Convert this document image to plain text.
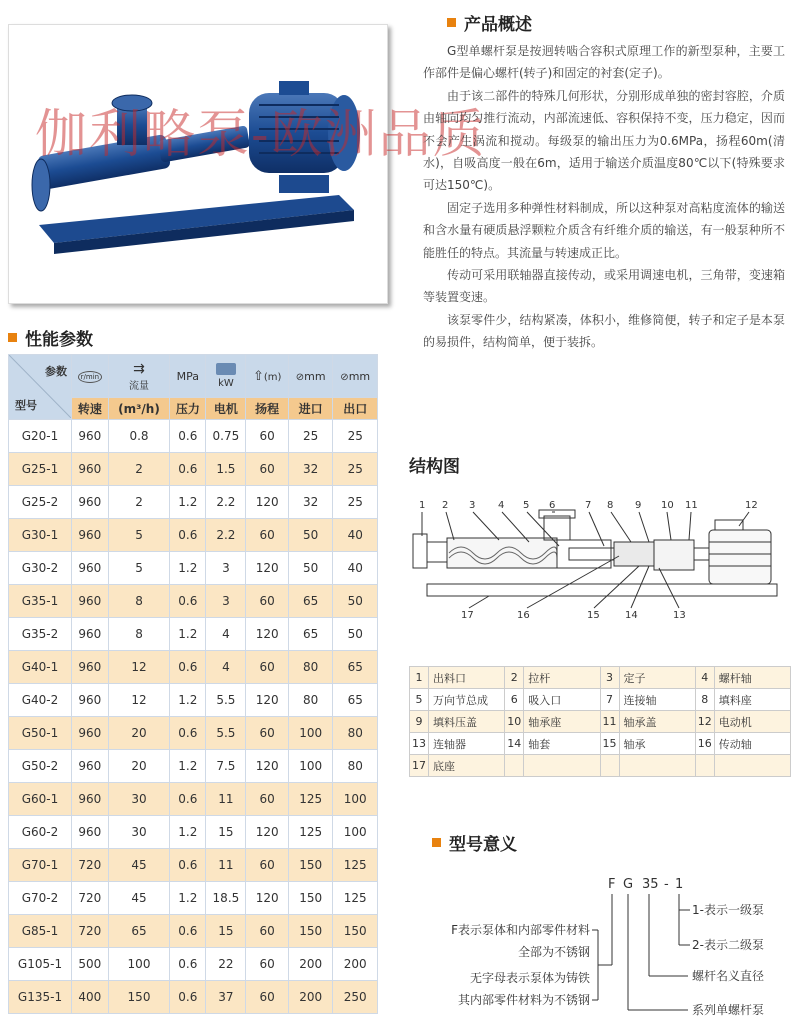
伽利略泵-欧洲品质
产品概述

G型单螺杆泵是按迥转啮合容积式原理工作的新型泵种，主要工作部件是偏心螺杆(转子)和固定的衬套(定子)。

由于该二部件的特殊几何形状，分别形成单独的密封容腔，介质由轴向均匀推行流动，内部流速低、容积保持不变，压力稳定，因而不会产生涡流和搅动。每级泵的输出压力为0.6MPa，扬程60m(清水)，自吸高度一般在6m，适用于输送介质温度80℃以下(特殊要求可达150℃)。

固定子选用多种弹性材料制成，所以这种泵对高粘度流体的输送和含水量有硬质悬浮颗粒介质含有纤维介质的输送，有一般泵种所不能胜任的特点。其流量与转速成正比。

传动可采用联轴器直接传动，或采用调速电机，三角带，变速箱等装置变速。

该泵零件少，结构紧凑，体积小，维修简便，转子和定子是本泵的易损件，结构简单，便于装拆。

性能参数
参数
型号	r/min	⇉
流量	MPa	kW	⇧(m)	⊘mm	⊘mm
	转速	(m³/h)	压力	电机	扬程	进口	出口
G20-1	960	0.8	0.6	0.75	60	25	25
G25-1	960	2	0.6	1.5	60	32	25
G25-2	960	2	1.2	2.2	120	32	25
G30-1	960	5	0.6	2.2	60	50	40
G30-2	960	5	1.2	3	120	50	40
G35-1	960	8	0.6	3	60	65	50
G35-2	960	8	1.2	4	120	65	50
G40-1	960	12	0.6	4	60	80	65
G40-2	960	12	1.2	5.5	120	80	65
G50-1	960	20	0.6	5.5	60	100	80
G50-2	960	20	1.2	7.5	120	100	80
G60-1	960	30	0.6	11	60	125	100
G60-2	960	30	1.2	15	120	125	100
G70-1	720	45	0.6	11	60	150	125
G70-2	720	45	1.2	18.5	120	150	125
G85-1	720	65	0.6	15	60	150	150
G105-1	500	100	0.6	22	60	200	200
G135-1	400	150	0.6	37	60	200	250
结构图
1 2 3 4 5 6	7 8 9 10 11	12
17	16	15	14	13
1	出料口	2	拉杆	3	定子	4	螺杆轴
5	万向节总成	6	吸入口	7	连接轴	8	填料座
9	填料压盖	10	轴承座	11	轴承盖	12	电动机
13	连轴器	14	轴套	15	轴承	16	传动轴
17	底座						
型号意义
F G 35 - 1
F表示泵体和内部零件材料
全部为不锈钢
无字母表示泵体为铸铁
其内部零件材料为不锈钢
1-表示一级泵
2-表示二级泵
螺杆名义直径
系列单螺杆泵
